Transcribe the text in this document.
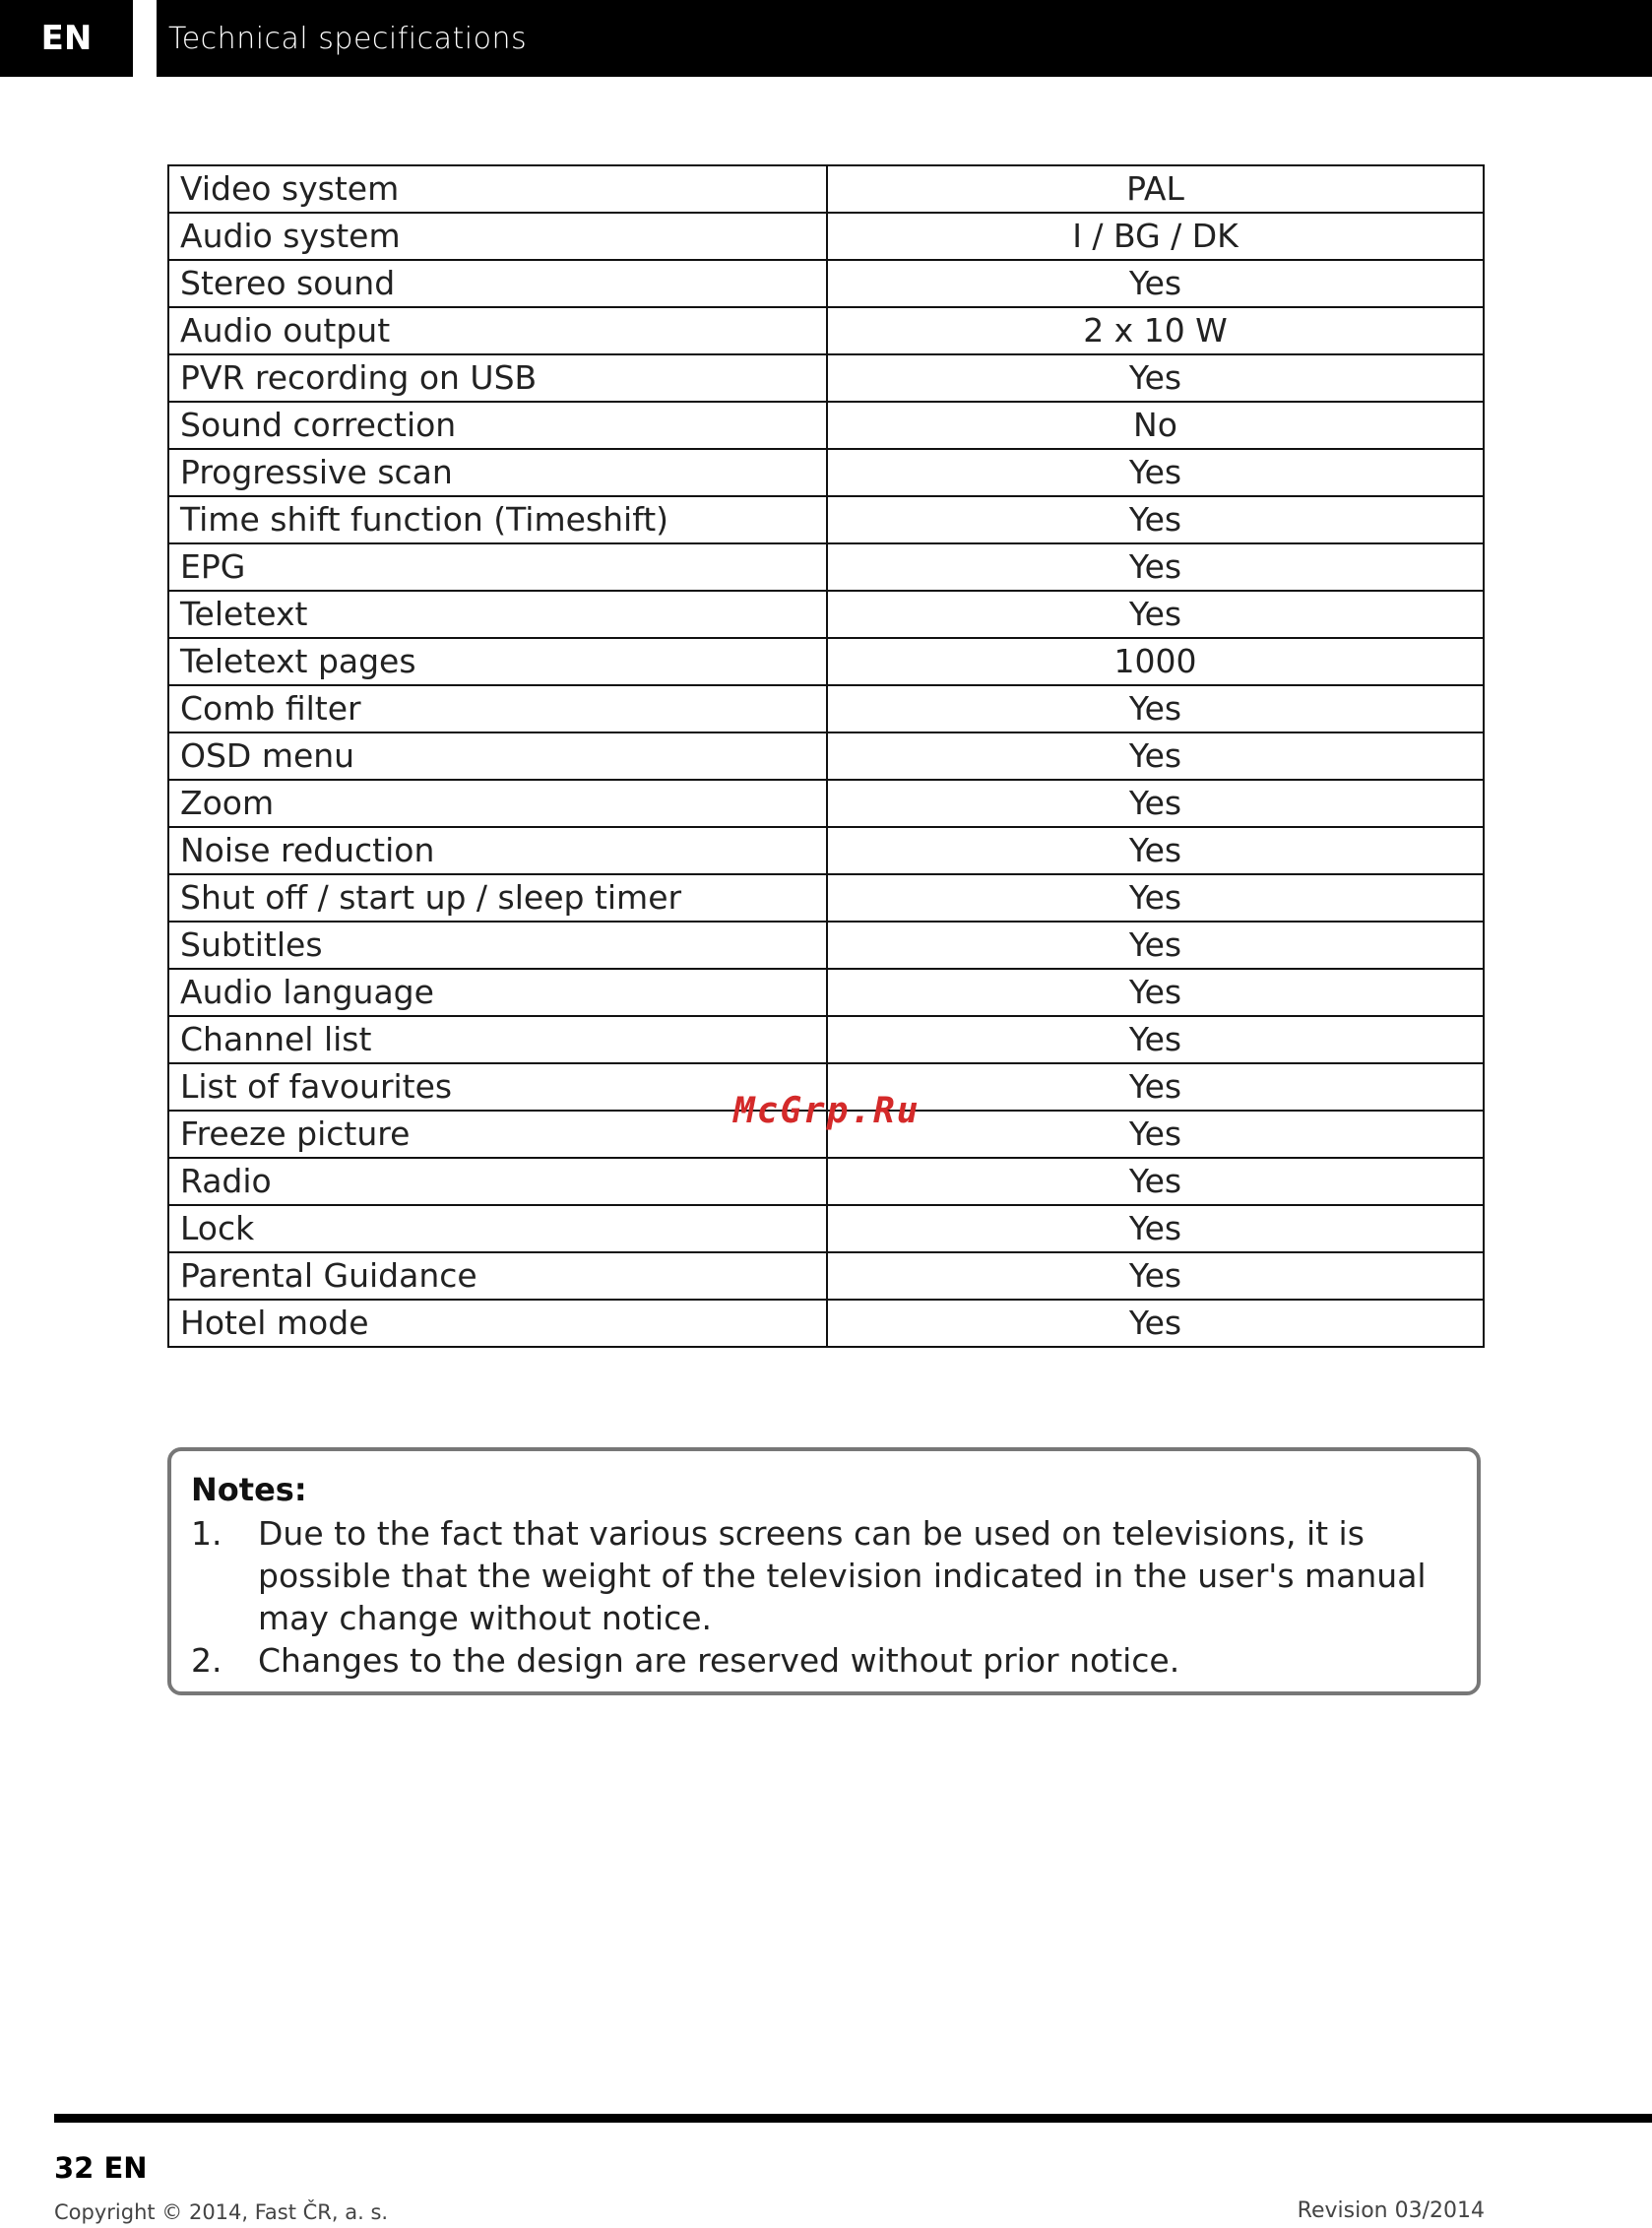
EN	Technical specifications
Video system	PAL
Audio system	I / BG / DK
Stereo sound	Yes
Audio output	2 x 10 W
PVR recording on USB	Yes
Sound correction	No
Progressive scan	Yes
Time shift function (Timeshift)	Yes
EPG	Yes
Teletext	Yes
Teletext pages	1000
Comb filter	Yes
OSD menu	Yes
Zoom	Yes
Noise reduction	Yes
Shut off / start up / sleep timer	Yes
Subtitles	Yes
Audio language	Yes
Channel list	Yes
List of favourites	Yes
Freeze picture	Yes
Radio	Yes
Lock	Yes
Parental Guidance	Yes
Hotel mode	Yes
McGrp.Ru
Notes:
1.	Due to the fact that various screens can be used on televisions, it is possible that the weight of the television indicated in the user's manual may change without notice.
2.	Changes to the design are reserved without prior notice.
32 EN
Copyright © 2014, Fast ČR, a. s.	Revision 03/2014
